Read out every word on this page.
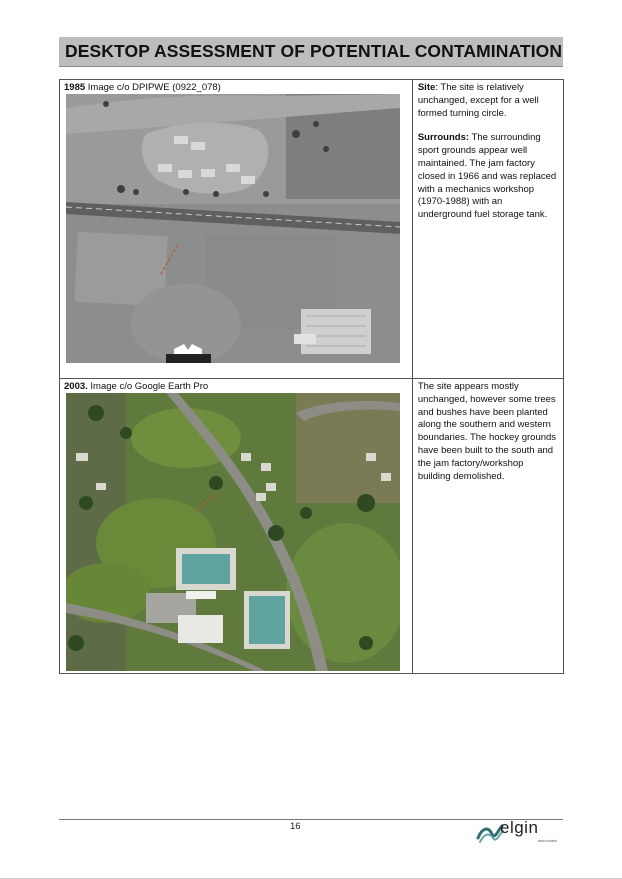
DESKTOP ASSESSMENT OF POTENTIAL CONTAMINATION
1985 Image c/o DPIPWE (0922_078)	Site: The site is relatively unchanged, except for a well formed turning circle.

Surrounds: The surrounding sport grounds appear well maintained. The jam factory closed in 1966 and was replaced with a mechanics workshop (1970-1988) with an underground fuel storage tank.

2003. Image c/o Google Earth Pro	The site appears mostly unchanged, however some trees and bushes have been planted along the southern and western boundaries. The hockey grounds have been built to the south and the jam factory/workshop building demolished.

16	elgin
associates
